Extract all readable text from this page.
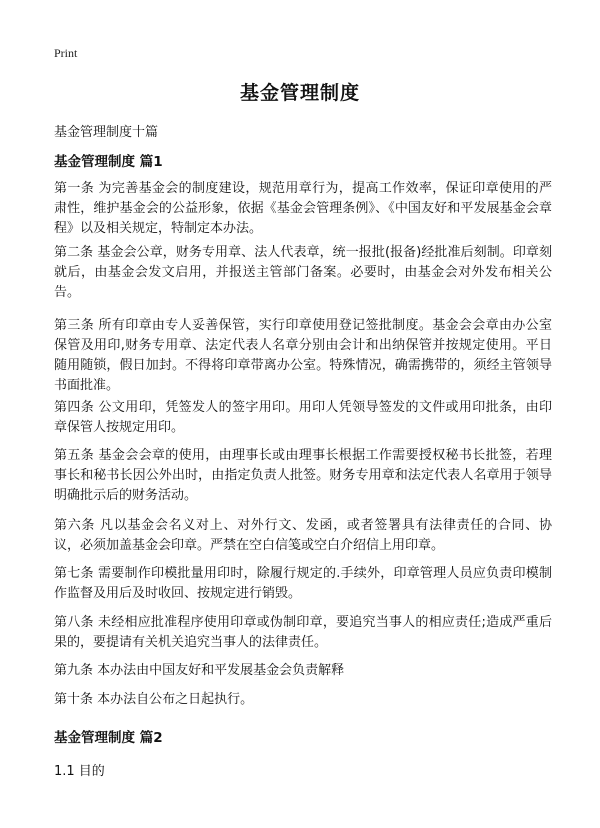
Print
基金管理制度
基金管理制度十篇
基金管理制度 篇1
第一条 为完善基金会的制度建设，规范用章行为，提高工作效率，保证印章使用的严肃性，维护基金会的公益形象，依据《基金会管理条例》、《中国友好和平发展基金会章程》以及相关规定，特制定本办法。
第二条 基金会公章，财务专用章、法人代表章，统一报批(报备)经批准后刻制。印章刻就后，由基金会发文启用，并报送主管部门备案。必要时，由基金会对外发布相关公告。
第三条 所有印章由专人妥善保管，实行印章使用登记签批制度。基金会会章由办公室保管及用印,财务专用章、法定代表人名章分别由会计和出纳保管并按规定使用。平日随用随锁，假日加封。不得将印章带离办公室。特殊情况，确需携带的，须经主管领导书面批准。
第四条 公文用印，凭签发人的签字用印。用印人凭领导签发的文件或用印批条，由印章保管人按规定用印。
第五条 基金会会章的使用，由理事长或由理事长根据工作需要授权秘书长批签，若理事长和秘书长因公外出时，由指定负责人批签。财务专用章和法定代表人名章用于领导明确批示后的财务活动。
第六条 凡以基金会名义对上、对外行文、发函，或者签署具有法律责任的合同、协议，必须加盖基金会印章。严禁在空白信笺或空白介绍信上用印章。
第七条 需要制作印模批量用印时，除履行规定的.手续外，印章管理人员应负责印模制作监督及用后及时收回、按规定进行销毁。
第八条 未经相应批准程序使用印章或伪制印章，要追究当事人的相应责任;造成严重后果的，要提请有关机关追究当事人的法律责任。
第九条 本办法由中国友好和平发展基金会负责解释
第十条 本办法自公布之日起执行。
基金管理制度 篇2
1.1 目的
